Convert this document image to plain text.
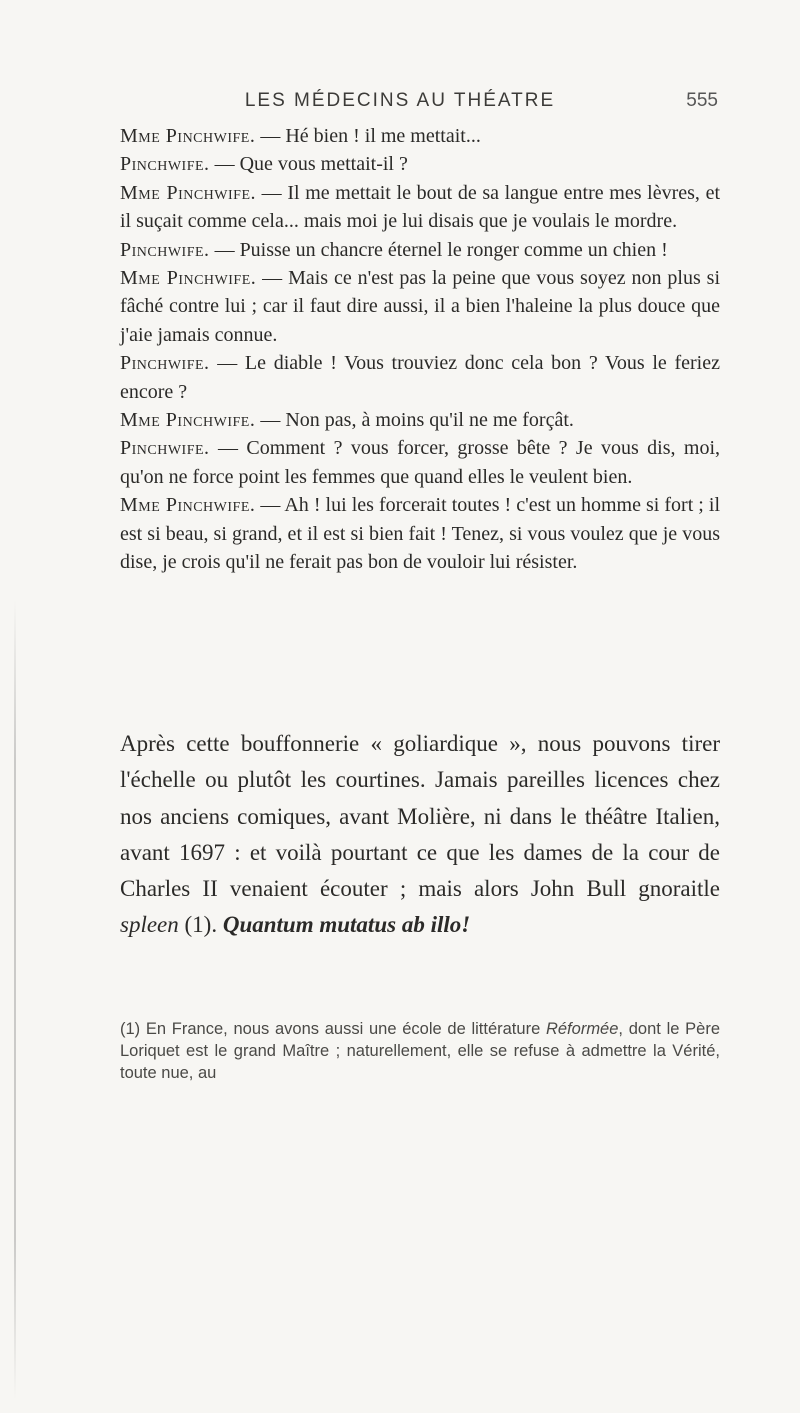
LES MÉDECINS AU THÉATRE	555

Mme Pinchwife. — Hé bien ! il me mettait...

Pinchwife. — Que vous mettait-il ?

Mme Pinchwife. — Il me mettait le bout de sa langue entre mes lèvres, et il suçait comme cela... mais moi je lui disais que je voulais le mordre.

Pinchwife. — Puisse un chancre éternel le ronger comme un chien !

Mme Pinchwife. — Mais ce n'est pas la peine que vous soyez non plus si fâché contre lui ; car il faut dire aussi, il a bien l'haleine la plus douce que j'aie jamais connue.

Pinchwife. — Le diable ! Vous trouviez donc cela bon ? Vous le feriez encore ?

Mme Pinchwife. — Non pas, à moins qu'il ne me forçât.

Pinchwife. — Comment ? vous forcer, grosse bête ? Je vous dis, moi, qu'on ne force point les femmes que quand elles le veulent bien.

Mme Pinchwife. — Ah ! lui les forcerait toutes ! c'est un homme si fort ; il est si beau, si grand, et il est si bien fait ! Tenez, si vous voulez que je vous dise, je crois qu'il ne ferait pas bon de vouloir lui résister.

Après cette bouffonnerie « goliardique », nous pouvons tirer l'échelle ou plutôt les courtines. Jamais pareilles licences chez nos anciens comiques, avant Molière, ni dans le théâtre Italien, avant 1697 : et voilà pourtant ce que les dames de la cour de Charles II venaient écouter ; mais alors John Bull gnoraitle spleen (1). Quantum mutatus ab illo!

(1) En France, nous avons aussi une école de littérature Réformée, dont le Père Loriquet est le grand Maître ; naturellement, elle se refuse à admettre la Vérité, toute nue, au
